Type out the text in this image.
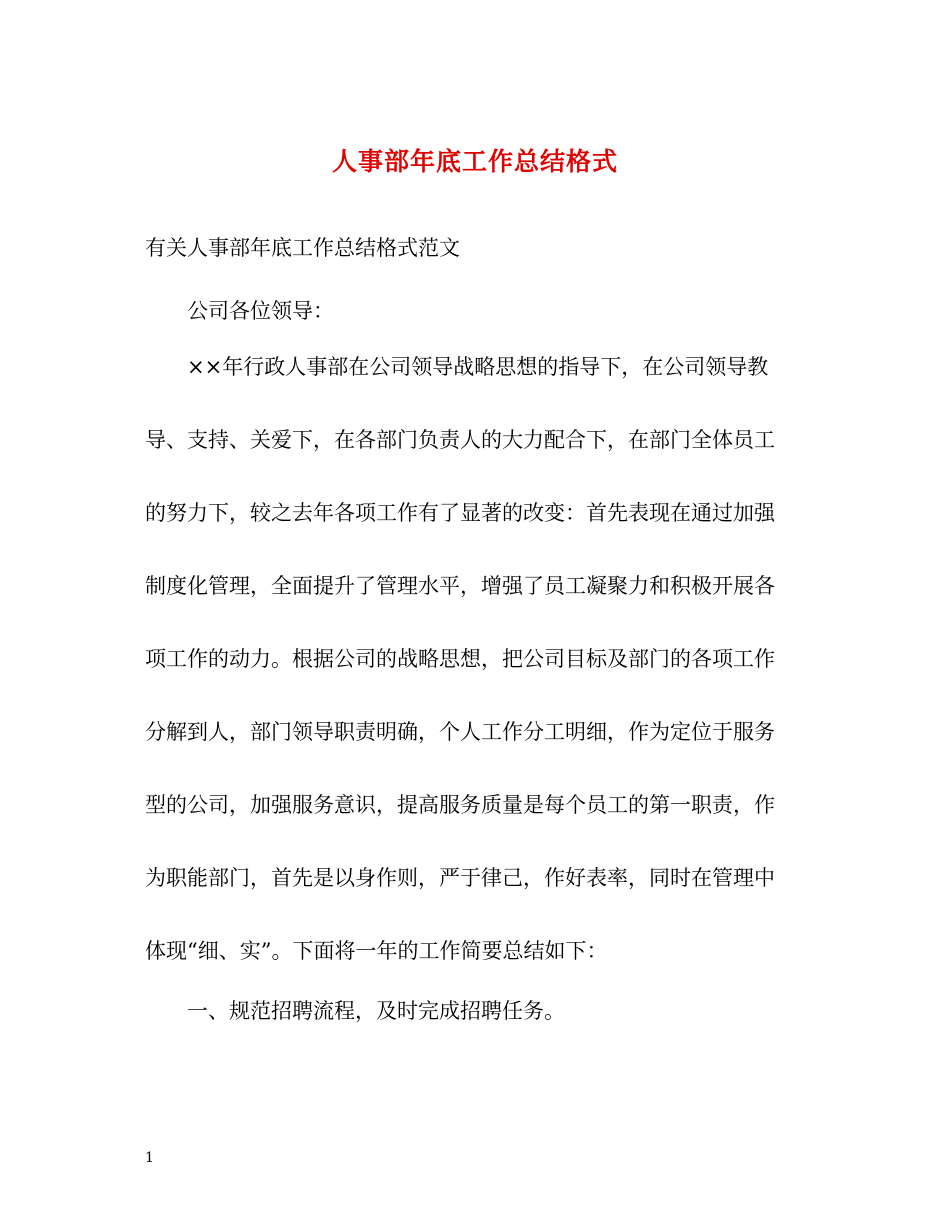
人事部年底工作总结格式
有关人事部年底工作总结格式范文
公司各位领导：
××年行政人事部在公司领导战略思想的指导下，在公司领导教
导、支持、关爱下，在各部门负责人的大力配合下，在部门全体员工
的努力下，较之去年各项工作有了显著的改变：首先表现在通过加强
制度化管理，全面提升了管理水平，增强了员工凝聚力和积极开展各
项工作的动力。根据公司的战略思想，把公司目标及部门的各项工作
分解到人，部门领导职责明确，个人工作分工明细，作为定位于服务
型的公司，加强服务意识，提高服务质量是每个员工的第一职责，作
为职能部门，首先是以身作则，严于律己，作好表率，同时在管理中
体现“细、实”。下面将一年的工作简要总结如下：
一、规范招聘流程，及时完成招聘任务。
1
